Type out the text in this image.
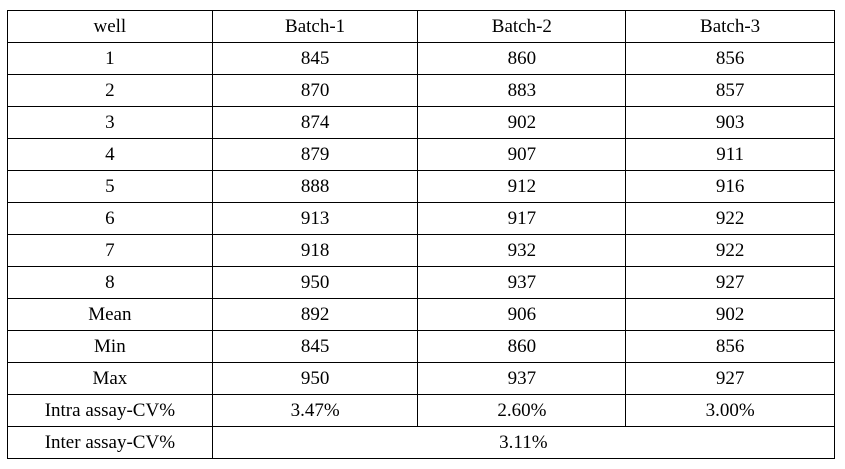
well	Batch-1	Batch-2	Batch-3
1	845	860	856
2	870	883	857
3	874	902	903
4	879	907	911
5	888	912	916
6	913	917	922
7	918	932	922
8	950	937	927
Mean	892	906	902
Min	845	860	856
Max	950	937	927
Intra assay-CV%	3.47%	2.60%	3.00%
Inter assay-CV%	3.11%		
